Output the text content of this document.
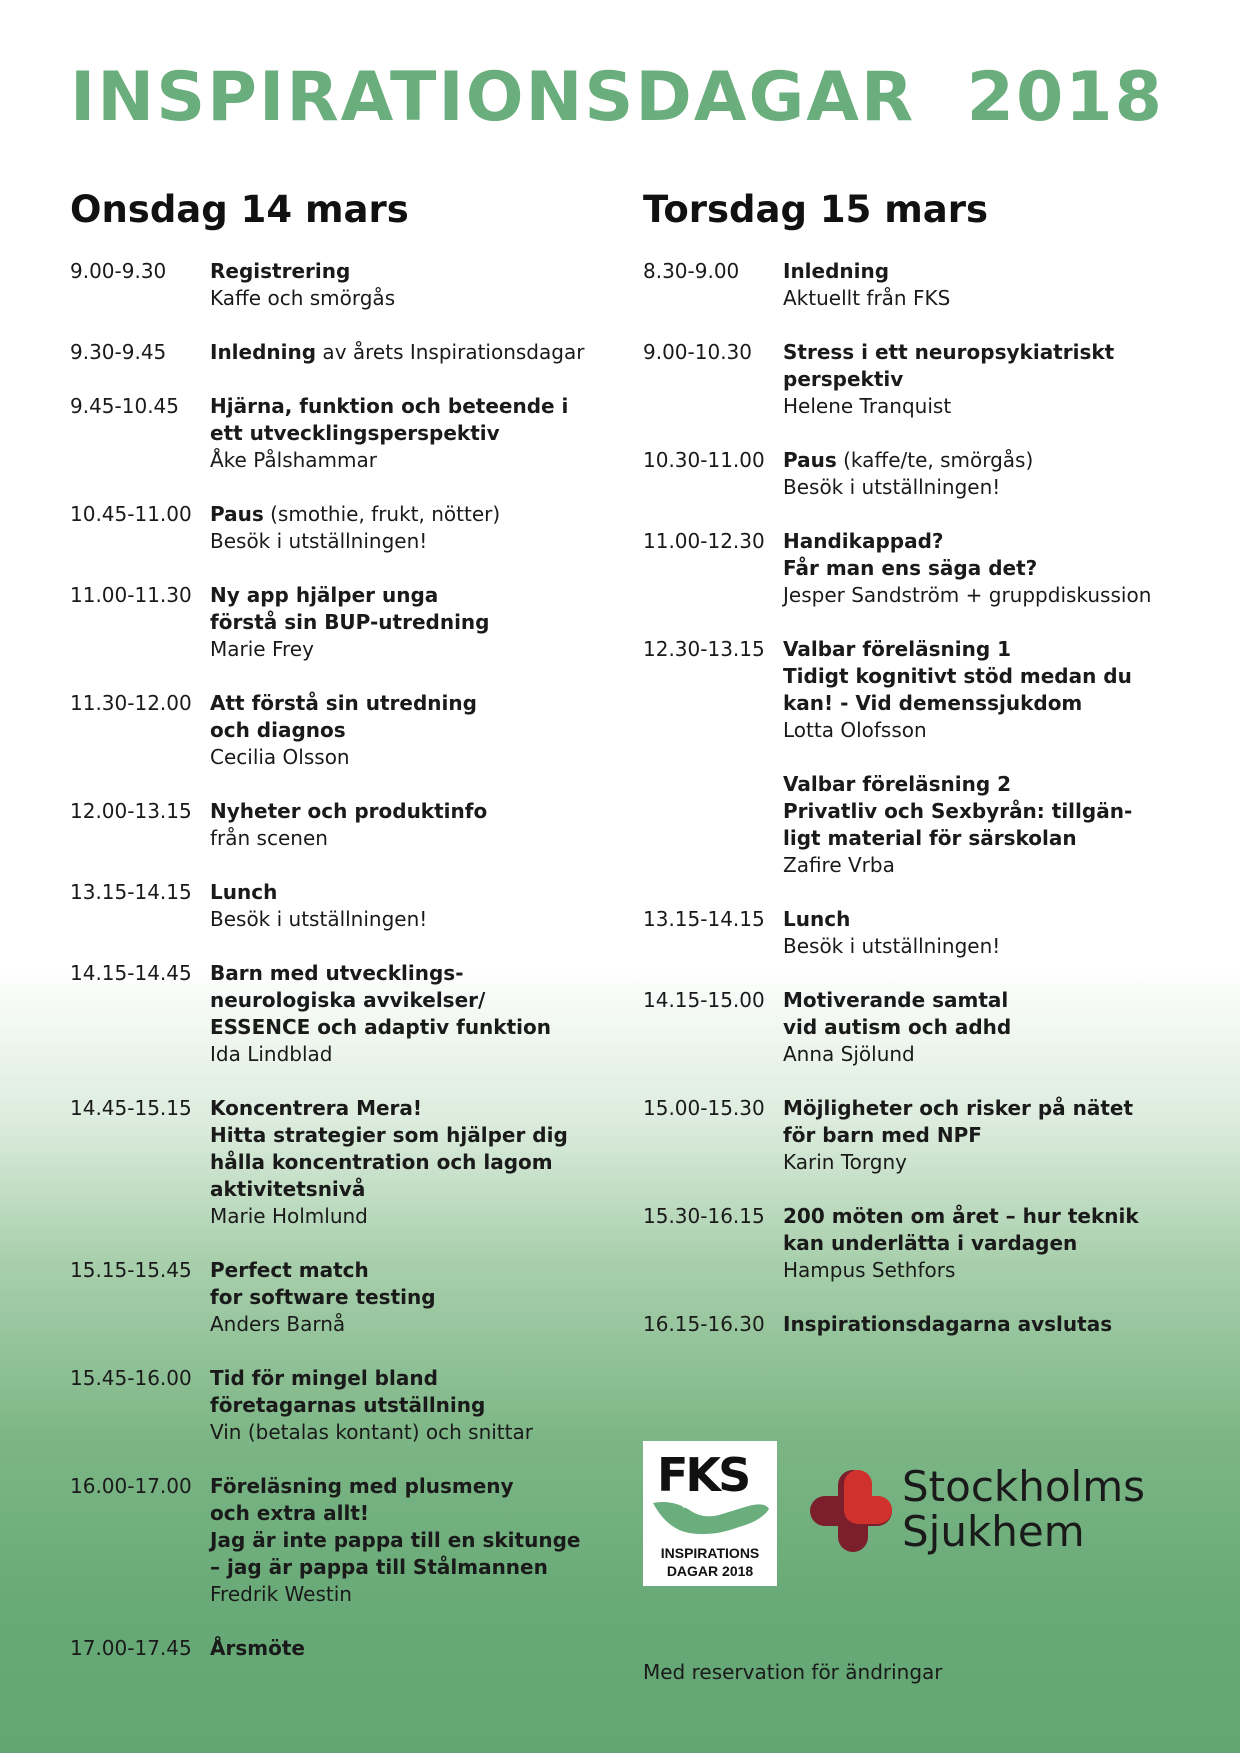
INSPIRATIONSDAGAR  2018
Onsdag 14 mars	Torsdag 15 mars
9.00-9.30	Registrering
Kaffe och smörgås
9.30-9.45	Inledning av årets Inspirationsdagar
9.45-10.45	Hjärna, funktion och beteende i
ett utvecklingsperspektiv
Åke Pålshammar
10.45-11.00 Paus (smothie, frukt, nötter)
Besök i utställningen!
11.00-11.30 Ny app hjälper unga
förstå sin BUP-utredning
Marie Frey
11.30-12.00 Att förstå sin utredning
och diagnos
Cecilia Olsson
12.00-13.15 Nyheter och produktinfo
från scenen
13.15-14.15 Lunch
Besök i utställningen!
14.15-14.45 Barn med utvecklings-
neurologiska avvikelser/
ESSENCE och adaptiv funktion
Ida Lindblad
14.45-15.15 Koncentrera Mera!
Hitta strategier som hjälper dig
hålla koncentration och lagom
aktivitetsnivå
Marie Holmlund
15.15-15.45 Perfect match
for software testing
Anders Barnå
15.45-16.00 Tid för mingel bland
företagarnas utställning
Vin (betalas kontant) och snittar
16.00-17.00 Föreläsning med plusmeny
och extra allt!
Jag är inte pappa till en skitunge
– jag är pappa till Stålmannen
Fredrik Westin
17.00-17.45 Årsmöte
8.30-9.00	Inledning
Aktuellt från FKS
9.00-10.30	Stress i ett neuropsykiatriskt
perspektiv
Helene Tranquist
10.30-11.00 Paus (kaffe/te, smörgås)
Besök i utställningen!
11.00-12.30 Handikappad?
Får man ens säga det?
Jesper Sandström + gruppdiskussion
12.30-13.15 Valbar föreläsning 1
Tidigt kognitivt stöd medan du
kan! - Vid demenssjukdom
Lotta Olofsson
Valbar föreläsning 2
Privatliv och Sexbyrån: tillgän-
ligt material för särskolan
Zafire Vrba
13.15-14.15 Lunch
Besök i utställningen!
14.15-15.00 Motiverande samtal
vid autism och adhd
Anna Sjölund
15.00-15.30 Möjligheter och risker på nätet
för barn med NPF
Karin Torgny
15.30-16.15 200 möten om året – hur teknik
kan underlätta i vardagen
Hampus Sethfors
16.15-16.30 Inspirationsdagarna avslutas
FKS
INSPIRATIONS
DAGAR 2018

Stockholms
Sjukhem

Med reservation för ändringar
